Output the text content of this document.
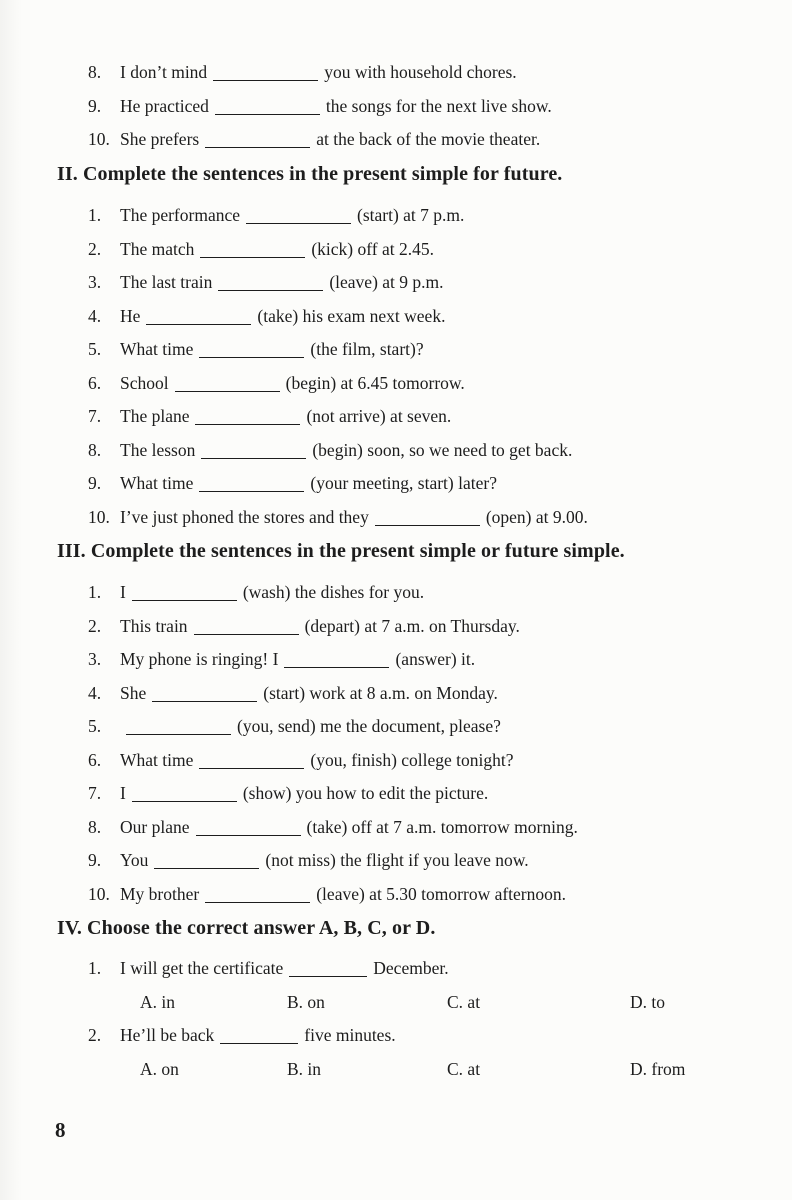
8.	I don’t mind	you with household chores.
9.	He practiced	the songs for the next live show.
10. She prefers	at the back of the movie theater.
II. Complete the sentences in the present simple for future.
1.	The performance	(start) at 7 p.m.
2.	The match	(kick) off at 2.45.
3.	The last train	(leave) at 9 p.m.
4.	He	(take) his exam next week.
5.	What time	(the film, start)?
6.	School	(begin) at 6.45 tomorrow.
7.	The plane	(not arrive) at seven.
8.	The lesson	(begin) soon, so we need to get back.
9.	What time	(your meeting, start) later?
10. I’ve just phoned the stores and they	(open) at 9.00.
III. Complete the sentences in the present simple or future simple.
1.	I	(wash) the dishes for you.
2.	This train	(depart) at 7 a.m. on Thursday.
3.	My phone is ringing! I	(answer) it.
4.	She	(start) work at 8 a.m. on Monday.
5.	(you, send) me the document, please?
6.	What time	(you, finish) college tonight?
7.	I	(show) you how to edit the picture.
8.	Our plane	(take) off at 7 a.m. tomorrow morning.
9.	You	(not miss) the flight if you leave now.
10. My brother	(leave) at 5.30 tomorrow afternoon.
IV. Choose the correct answer A, B, C, or D.
1.	I will get the certificate	December.
A. in	B. on	C. at	D. to
2.	He’ll be back	five minutes.
A. on	B. in	C. at	D. from
8
